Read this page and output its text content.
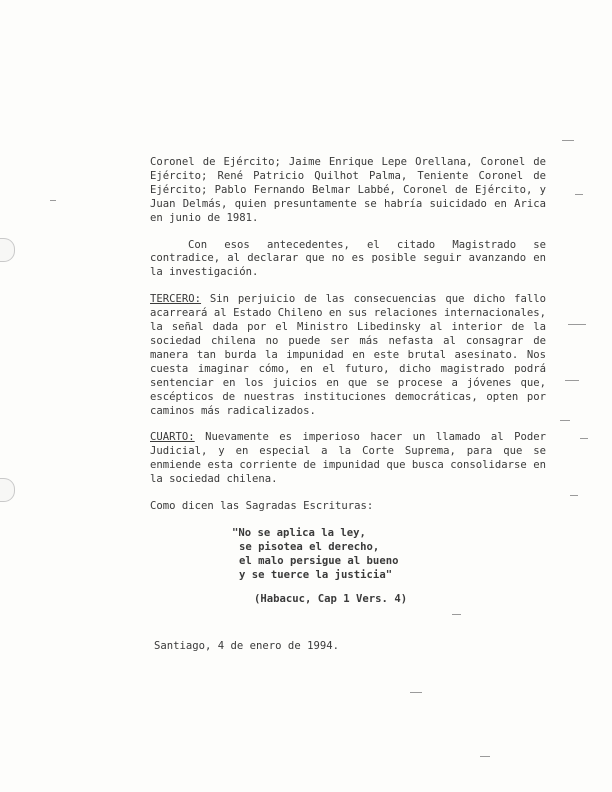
Coronel de Ejército; Jaime Enrique Lepe Orellana, Coronel de Ejército; René Patricio Quilhot Palma, Teniente Coronel de Ejército; Pablo Fernando Belmar Labbé, Coronel de Ejército, y Juan Delmás, quien presuntamente se habría suicidado en Arica en junio de 1981.

Con esos antecedentes, el citado Magistrado se contradice, al declarar que no es posible seguir avanzando en la investigación.

TERCERO: Sin perjuicio de las consecuencias que dicho fallo acarreará al Estado Chileno en sus relaciones internacionales, la señal dada por el Ministro Libedinsky al interior de la sociedad chilena no puede ser más nefasta al consagrar de manera tan burda la impunidad en este brutal asesinato. Nos cuesta imaginar cómo, en el futuro, dicho magistrado podrá sentenciar en los juicios en que se procese a jóvenes que, escépticos de nuestras instituciones democráticas, opten por caminos más radicalizados.

CUARTO: Nuevamente es imperioso hacer un llamado al Poder Judicial, y en especial a la Corte Suprema, para que se enmiende esta corriente de impunidad que busca consolidarse en la sociedad chilena.

Como dicen las Sagradas Escrituras:

"No se aplica la ley,
se pisotea el derecho,
el malo persigue al bueno
y se tuerce la justicia"

(Habacuc, Cap 1 Vers. 4)

Santiago, 4 de enero de 1994.
